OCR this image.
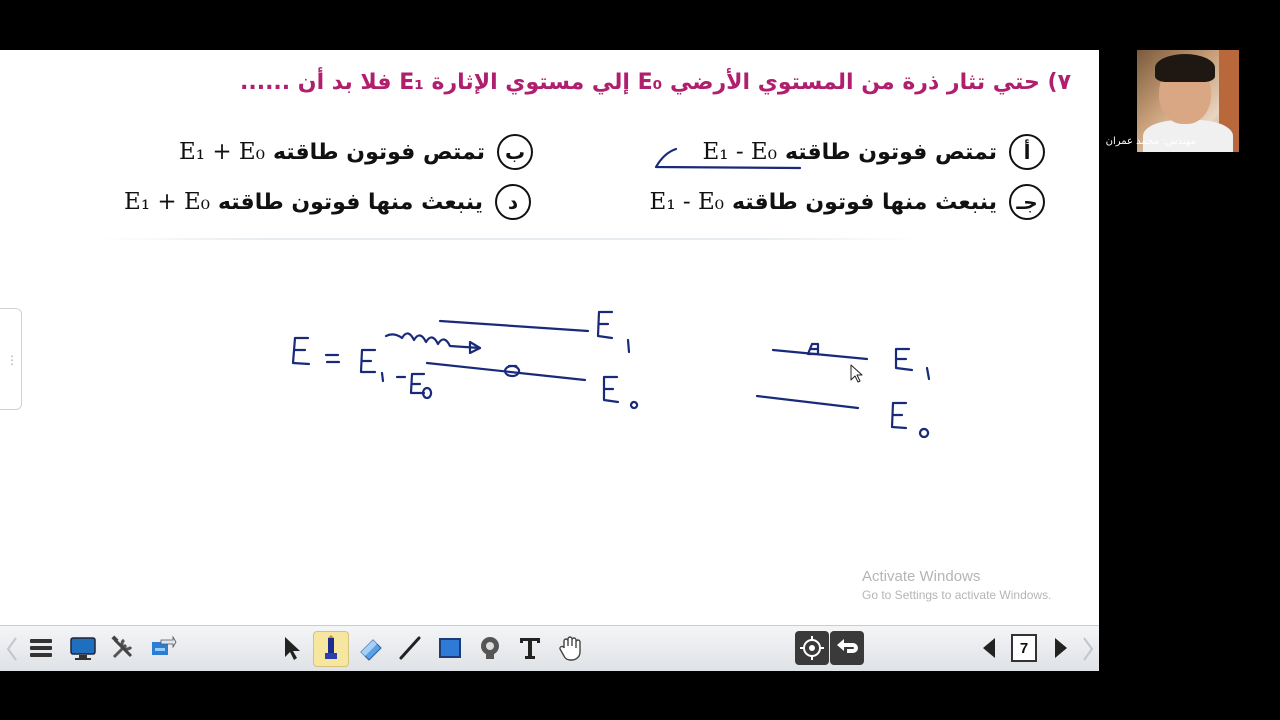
٧) حتي تثار ذرة من المستوي الأرضي E₀ إلي مستوي الإثارة E₁ فلا بد أن ......
أ
تمتص فوتون طاقته
E₁ - E₀
ب
تمتص فوتون طاقته
E₁ + E₀
جـ
ينبعث منها فوتون طاقته
E₁ - E₀
د
ينبعث منها فوتون طاقته
E₁ + E₀
⋮
Activate Windows
Go to Settings to activate Windows.
7
مهندس: محمد عمران
